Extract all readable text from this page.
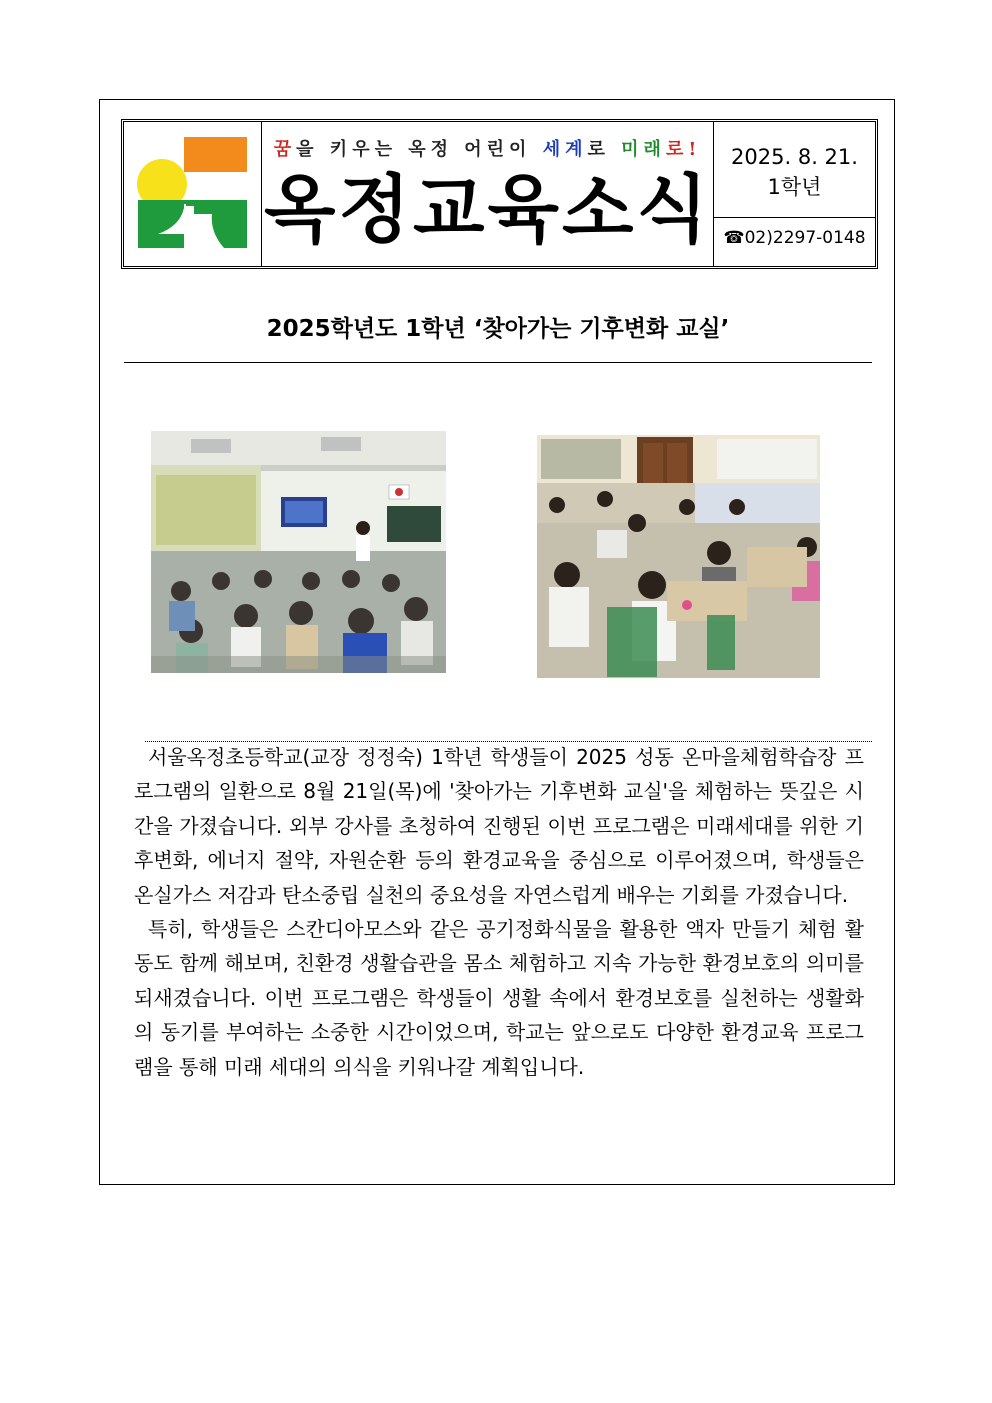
꿈을 키우는 옥정 어린이 세계로 미래로!
옥정교육소식
2025. 8. 21.
1학년
☎02)2297-0148
2025학년도 1학년 ‘찾아가는 기후변화 교실’

서울옥정초등학교(교장 정정숙) 1학년 학생들이 2025 성동 온마을체험학습장 프로그램의 일환으로 8월 21일(목)에 '찾아가는 기후변화 교실'을 체험하는 뜻깊은 시간을 가졌습니다. 외부 강사를 초청하여 진행된 이번 프로그램은 미래세대를 위한 기후변화, 에너지 절약, 자원순환 등의 환경교육을 중심으로 이루어졌으며, 학생들은 온실가스 저감과 탄소중립 실천의 중요성을 자연스럽게 배우는 기회를 가졌습니다.

특히, 학생들은 스칸디아모스와 같은 공기정화식물을 활용한 액자 만들기 체험 활동도 함께 해보며, 친환경 생활습관을 몸소 체험하고 지속 가능한 환경보호의 의미를 되새겼습니다. 이번 프로그램은 학생들이 생활 속에서 환경보호를 실천하는 생활화의 동기를 부여하는 소중한 시간이었으며, 학교는 앞으로도 다양한 환경교육 프로그램을 통해 미래 세대의 의식을 키워나갈 계획입니다.
